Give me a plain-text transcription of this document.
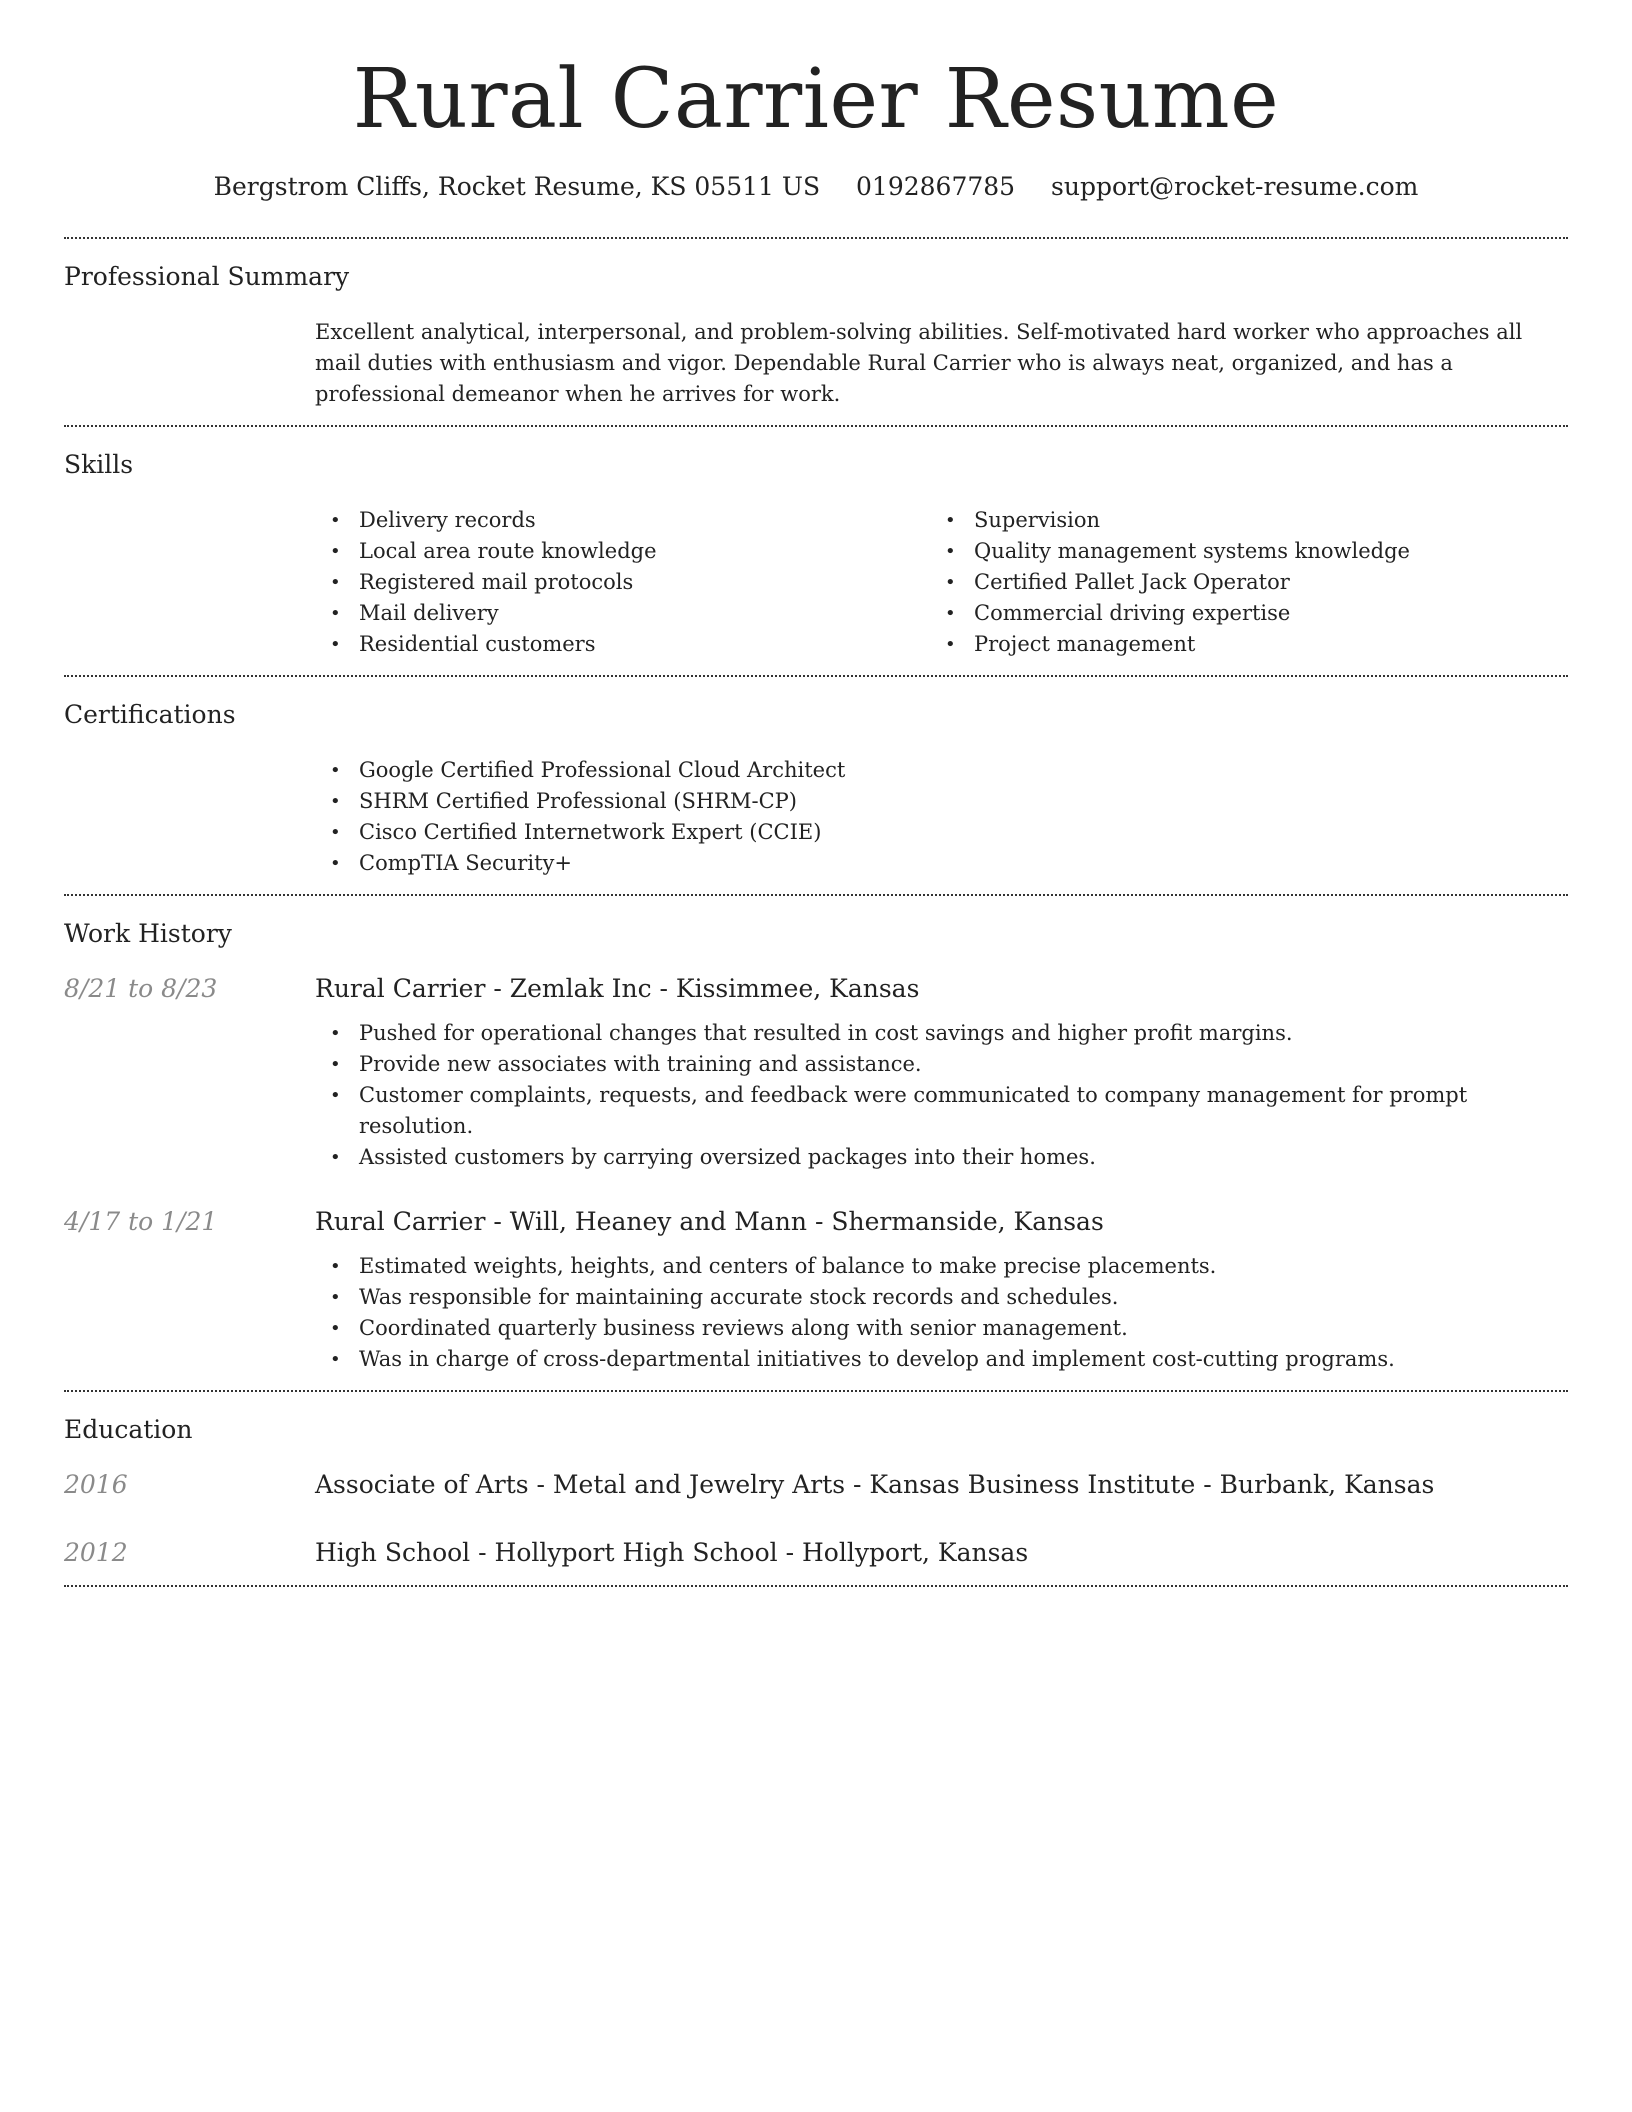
Rural Carrier Resume
Bergstrom Cliffs, Rocket Resume, KS 05511 US 0192867785 support@rocket-resume.com
Professional Summary
Excellent analytical, interpersonal, and problem-solving abilities. Self-motivated hard worker who approaches all mail duties with enthusiasm and vigor. Dependable Rural Carrier who is always neat, organized, and has a professional demeanor when he arrives for work.
Skills
• Delivery records
• Local area route knowledge
• Registered mail protocols
• Mail delivery
• Residential customers
• Supervision
• Quality management systems knowledge
• Certified Pallet Jack Operator
• Commercial driving expertise
• Project management
Certifications
• Google Certified Professional Cloud Architect
• SHRM Certified Professional (SHRM-CP)
• Cisco Certified Internetwork Expert (CCIE)
• CompTIA Security+
Work History
8/21 to 8/23	Rural Carrier - Zemlak Inc - Kissimmee, Kansas
• Pushed for operational changes that resulted in cost savings and higher profit margins.
• Provide new associates with training and assistance.
• Customer complaints, requests, and feedback were communicated to company management for prompt resolution.
• Assisted customers by carrying oversized packages into their homes.
4/17 to 1/21	Rural Carrier - Will, Heaney and Mann - Shermanside, Kansas
• Estimated weights, heights, and centers of balance to make precise placements.
• Was responsible for maintaining accurate stock records and schedules.
• Coordinated quarterly business reviews along with senior management.
• Was in charge of cross-departmental initiatives to develop and implement cost-cutting programs.
Education
2016	Associate of Arts - Metal and Jewelry Arts - Kansas Business Institute - Burbank, Kansas
2012	High School - Hollyport High School - Hollyport, Kansas
